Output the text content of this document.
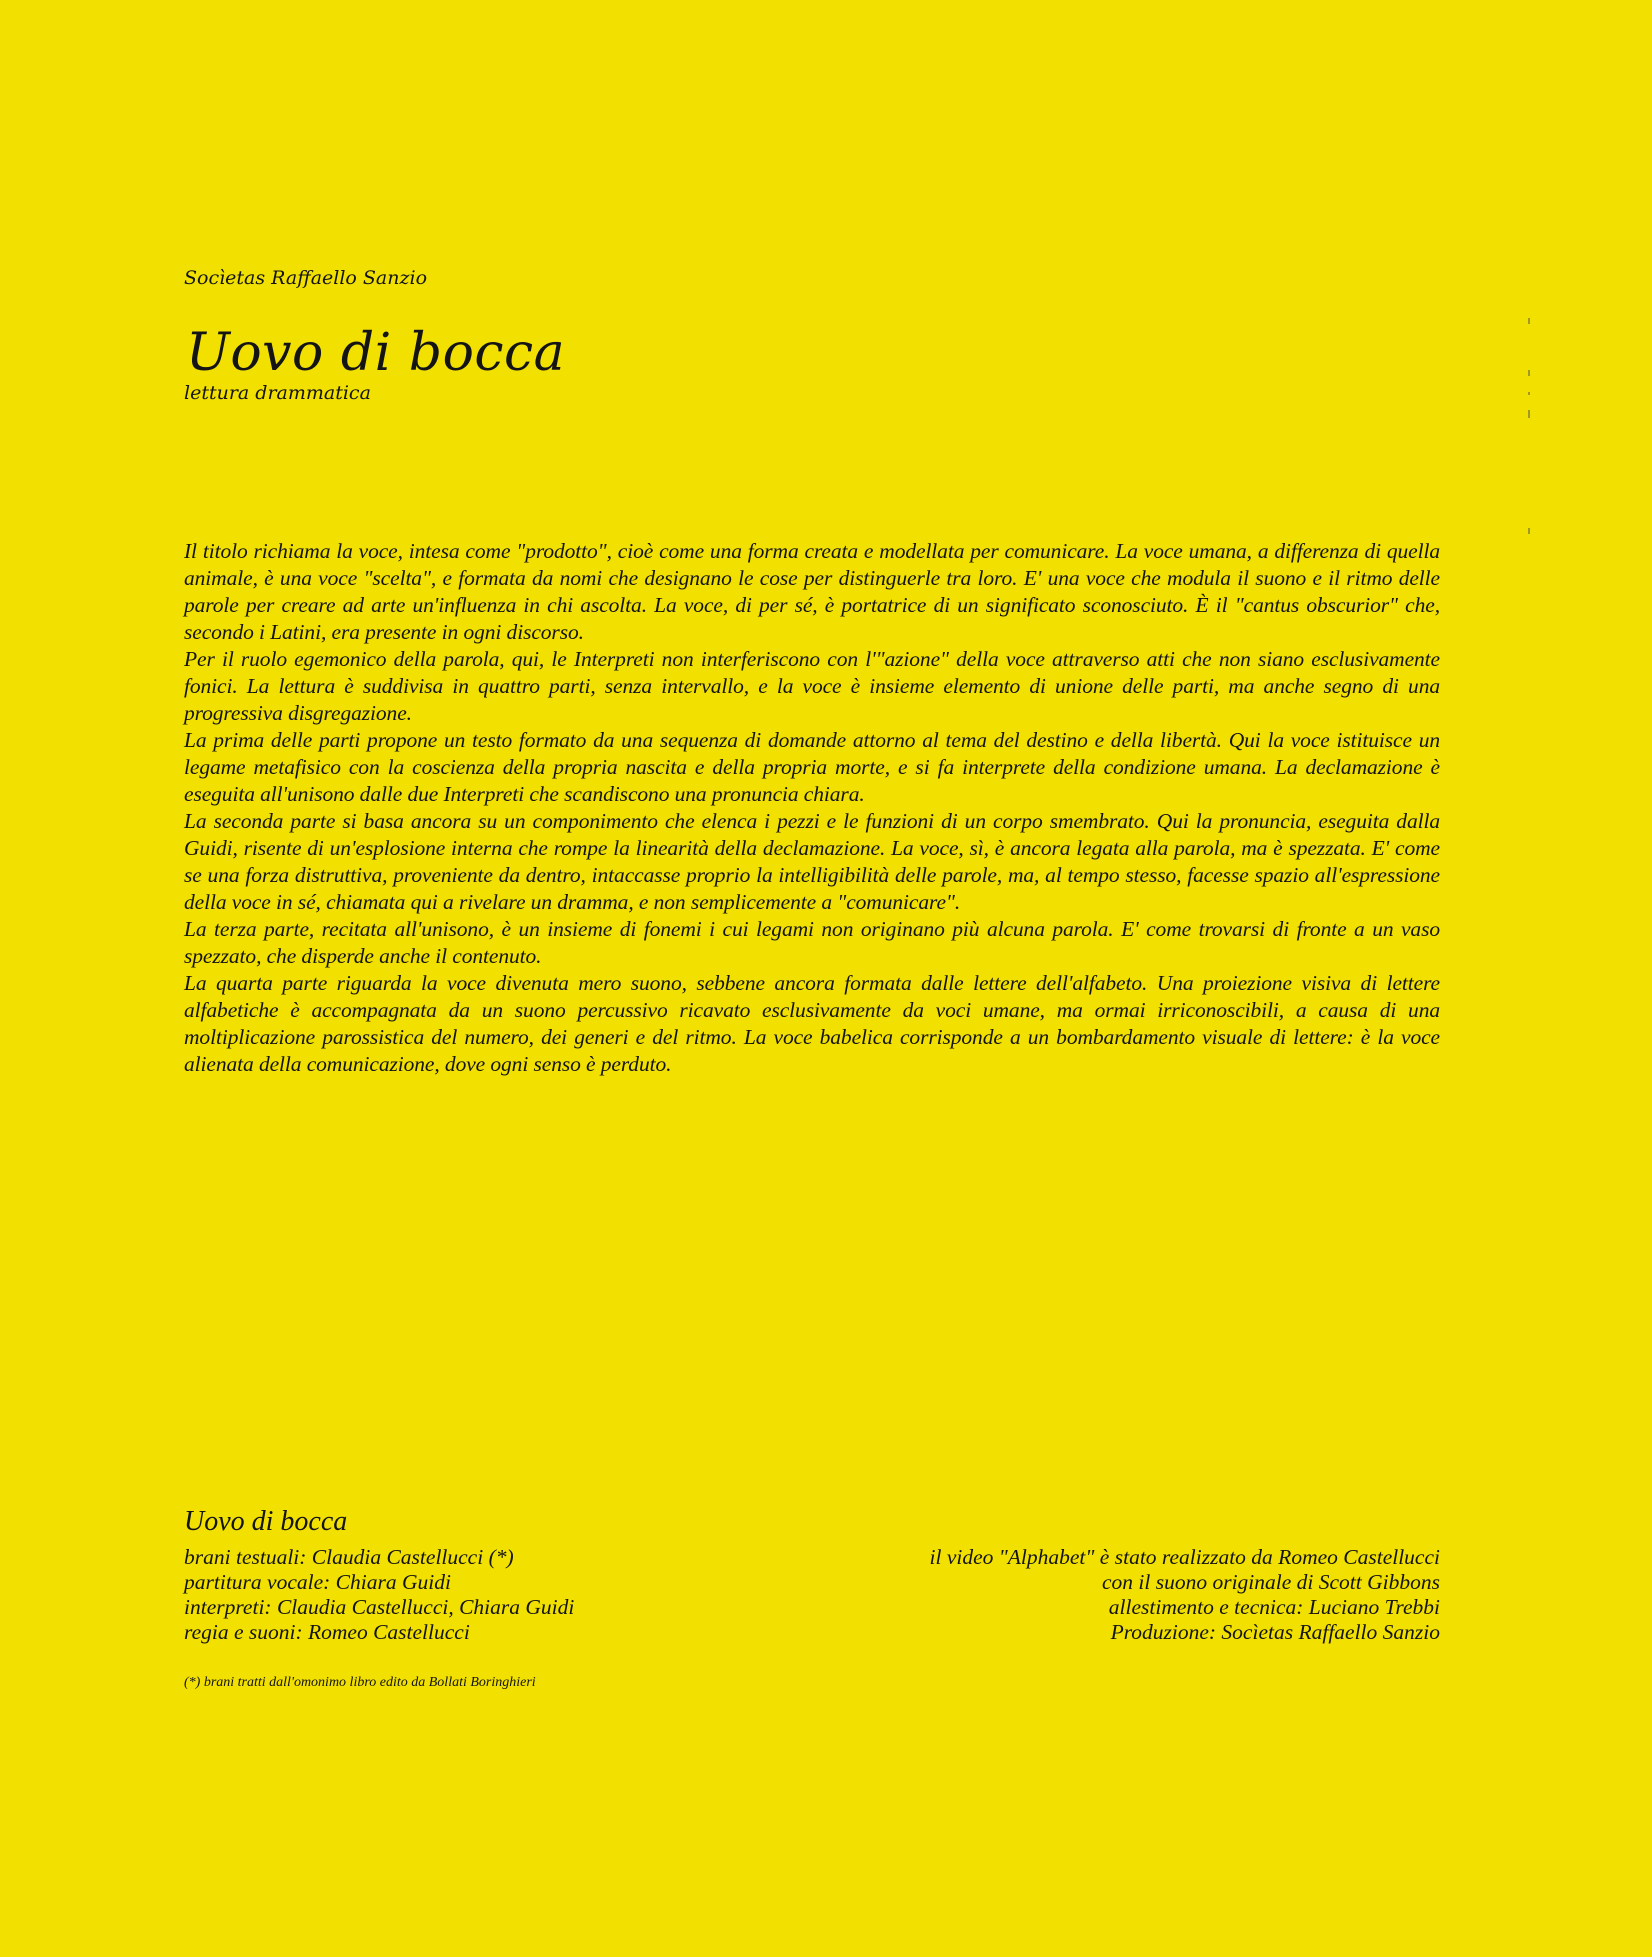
Socìetas Raffaello Sanzio
Uovo di bocca
lettura drammatica

Il titolo richiama la voce, intesa come "prodotto", cioè come una forma creata e modellata per comunicare. La voce umana, a differenza di quella animale, è una voce "scelta", e formata da nomi che designano le cose per distinguerle tra loro. E' una voce che modula il suono e il ritmo delle parole per creare ad arte un'influenza in chi ascolta. La voce, di per sé, è portatrice di un significato sconosciuto. È il "cantus obscurior" che, secondo i Latini, era presente in ogni discorso.

Per il ruolo egemonico della parola, qui, le Interpreti non interferiscono con l'"azione" della voce attraverso atti che non siano esclusivamente fonici. La lettura è suddivisa in quattro parti, senza intervallo, e la voce è insieme elemento di unione delle parti, ma anche segno di una progressiva disgregazione.

La prima delle parti propone un testo formato da una sequenza di domande attorno al tema del destino e della libertà. Qui la voce istituisce un legame metafisico con la coscienza della propria nascita e della propria morte, e si fa interprete della condizione umana. La declamazione è eseguita all'unisono dalle due Interpreti che scandiscono una pronuncia chiara.

La seconda parte si basa ancora su un componimento che elenca i pezzi e le funzioni di un corpo smembrato. Qui la pronuncia, eseguita dalla Guidi, risente di un'esplosione interna che rompe la linearità della declamazione. La voce, sì, è ancora legata alla parola, ma è spezzata. E' come se una forza distruttiva, proveniente da dentro, intaccasse proprio la intelligibilità delle parole, ma, al tempo stesso, facesse spazio all'espressione della voce in sé, chiamata qui a rivelare un dramma, e non semplicemente a "comunicare".

La terza parte, recitata all'unisono, è un insieme di fonemi i cui legami non originano più alcuna parola. E' come trovarsi di fronte a un vaso spezzato, che disperde anche il contenuto.

La quarta parte riguarda la voce divenuta mero suono, sebbene ancora formata dalle lettere dell'alfabeto. Una proiezione visiva di lettere alfabetiche è accompagnata da un suono percussivo ricavato esclusivamente da voci umane, ma ormai irriconoscibili, a causa di una moltiplicazione parossistica del numero, dei generi e del ritmo. La voce babelica corrisponde a un bombardamento visuale di lettere: è la voce alienata della comunicazione, dove ogni senso è perduto.

Uovo di bocca
brani testuali: Claudia Castellucci (*)
partitura vocale: Chiara Guidi
interpreti: Claudia Castellucci, Chiara Guidi
regia e suoni: Romeo Castellucci
il video "Alphabet" è stato realizzato da Romeo Castellucci
con il suono originale di Scott Gibbons
allestimento e tecnica: Luciano Trebbi
Produzione: Socìetas Raffaello Sanzio
(*) brani tratti dall'omonimo libro edito da Bollati Boringhieri
